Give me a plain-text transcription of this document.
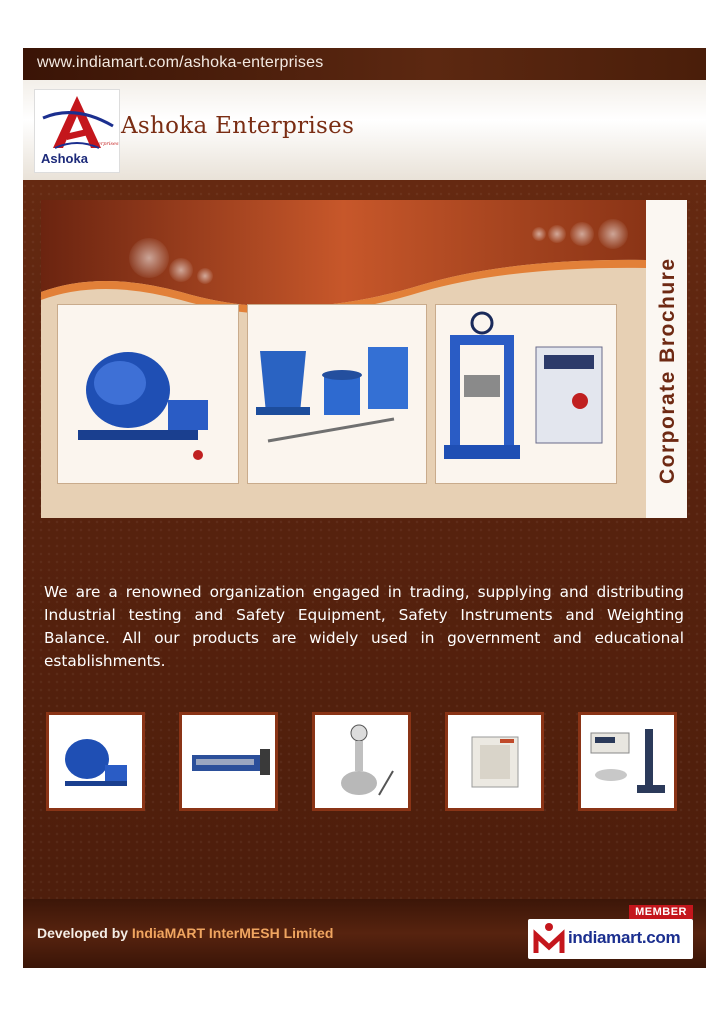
www.indiamart.com/ashoka-enterprises
Ashoka
Enterprises
Ashoka Enterprises
Corporate Brochure
We are a renowned organization engaged in trading, supplying and distributing Industrial testing and Safety Equipment, Safety Instruments and Weighting Balance. All our products are widely used in government and educational establishments.
Developed by IndiaMART InterMESH Limited	indiamart.com
MEMBER
